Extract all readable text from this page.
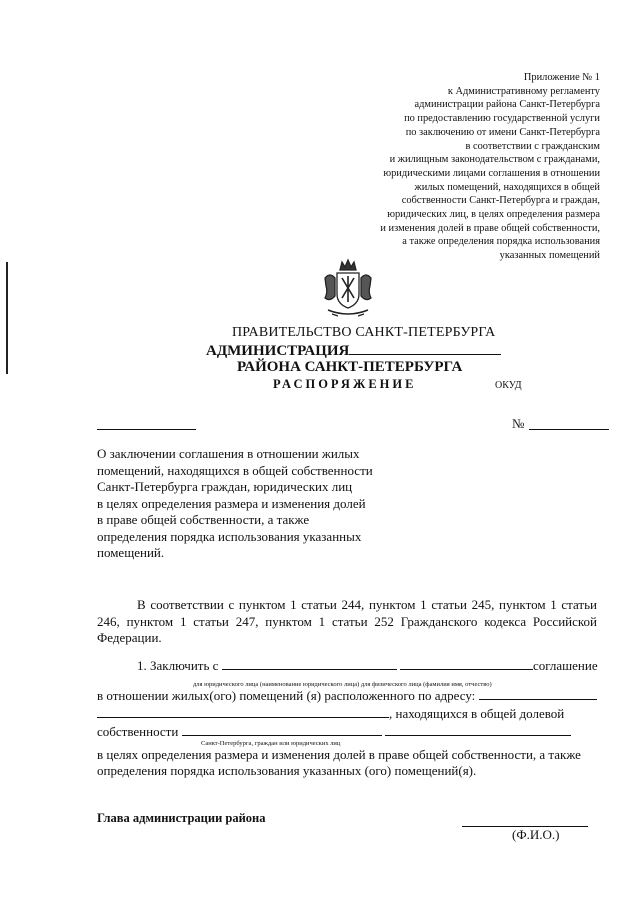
Приложение № 1
к Административному регламенту
администрации района Санкт-Петербурга
по предоставлению государственной услуги
по заключению от имени Санкт-Петербурга
в соответствии с гражданским
и жилищным законодательством с гражданами,
юридическими лицами соглашения в отношении
жилых помещений, находящихся в общей
собственности Санкт-Петербурга и граждан,
юридических лиц, в целях определения размера
и изменения долей в праве общей собственности,
а также определения порядка использования
указанных помещений
ПРАВИТЕЛЬСТВО САНКТ-ПЕТЕРБУРГА
АДМИНИСТРАЦИЯ
РАЙОНА САНКТ-ПЕТЕРБУРГА
РАСПОРЯЖЕНИЕ	ОКУД
№
О заключении соглашения в отношении жилых
помещений, находящихся в общей собственности
Санкт-Петербурга граждан, юридических лиц
в целях определения размера и изменения долей
в праве общей собственности, а также
определения порядка использования указанных
помещений.

В соответствии с пунктом 1 статьи 244, пунктом 1 статьи 245, пунктом 1 статьи 246, пунктом 1 статьи 247, пунктом 1 статьи 252 Гражданского кодекса Российской Федерации.

1. Заключить с	соглашение
для юридического лица (наименование юридического лица) для физического лица (фамилия имя, отчество)
в отношении жилых(ого) помещений (я) расположенного по адресу:
, находящихся в общей долевой
собственности
Санкт-Петербурга, граждан или юридических лиц
в целях определения размера и изменения долей в праве общей собственности, а также
определения порядка использования указанных (ого) помещений(я).
Глава администрации района
(Ф.И.О.)
